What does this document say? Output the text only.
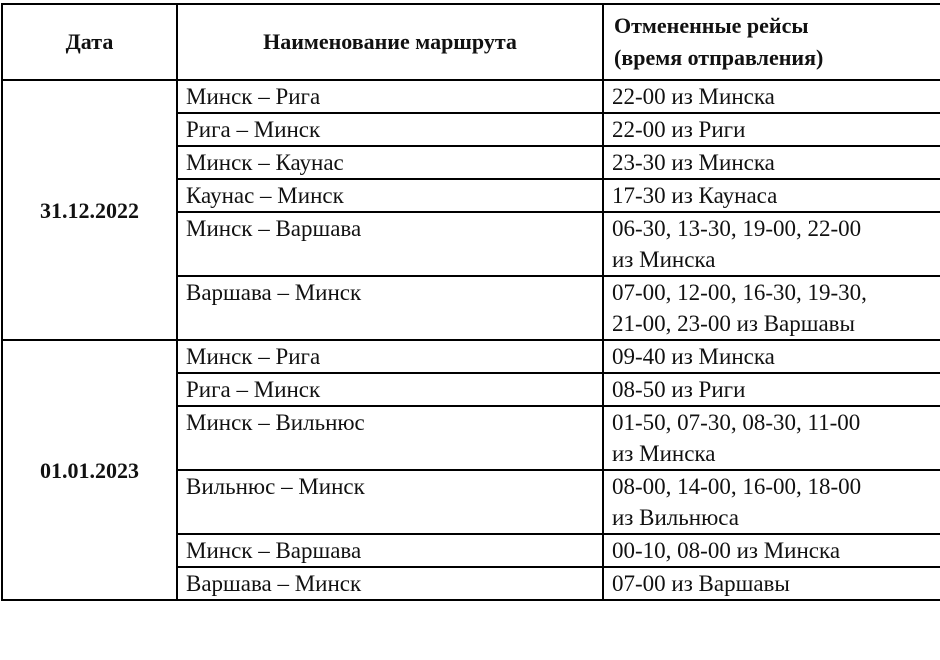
Дата	Наименование маршрута	Отмененные рейсы
(время отправления)
31.12.2022	Минск – Рига	22-00 из Минска
	Рига – Минск	22-00 из Риги
	Минск – Каунас	23-30 из Минска
	Каунас – Минск	17-30 из Каунаса
	Минск – Варшава	06-30, 13-30, 19-00, 22-00
из Минска
	Варшава – Минск	07-00, 12-00, 16-30, 19-30,
21-00, 23-00 из Варшавы
01.01.2023	Минск – Рига	09-40 из Минска
	Рига – Минск	08-50 из Риги
	Минск – Вильнюс	01-50, 07-30, 08-30, 11-00
из Минска
	Вильнюс – Минск	08-00, 14-00, 16-00, 18-00
из Вильнюса
	Минск – Варшава	00-10, 08-00 из Минска
	Варшава – Минск	07-00 из Варшавы
